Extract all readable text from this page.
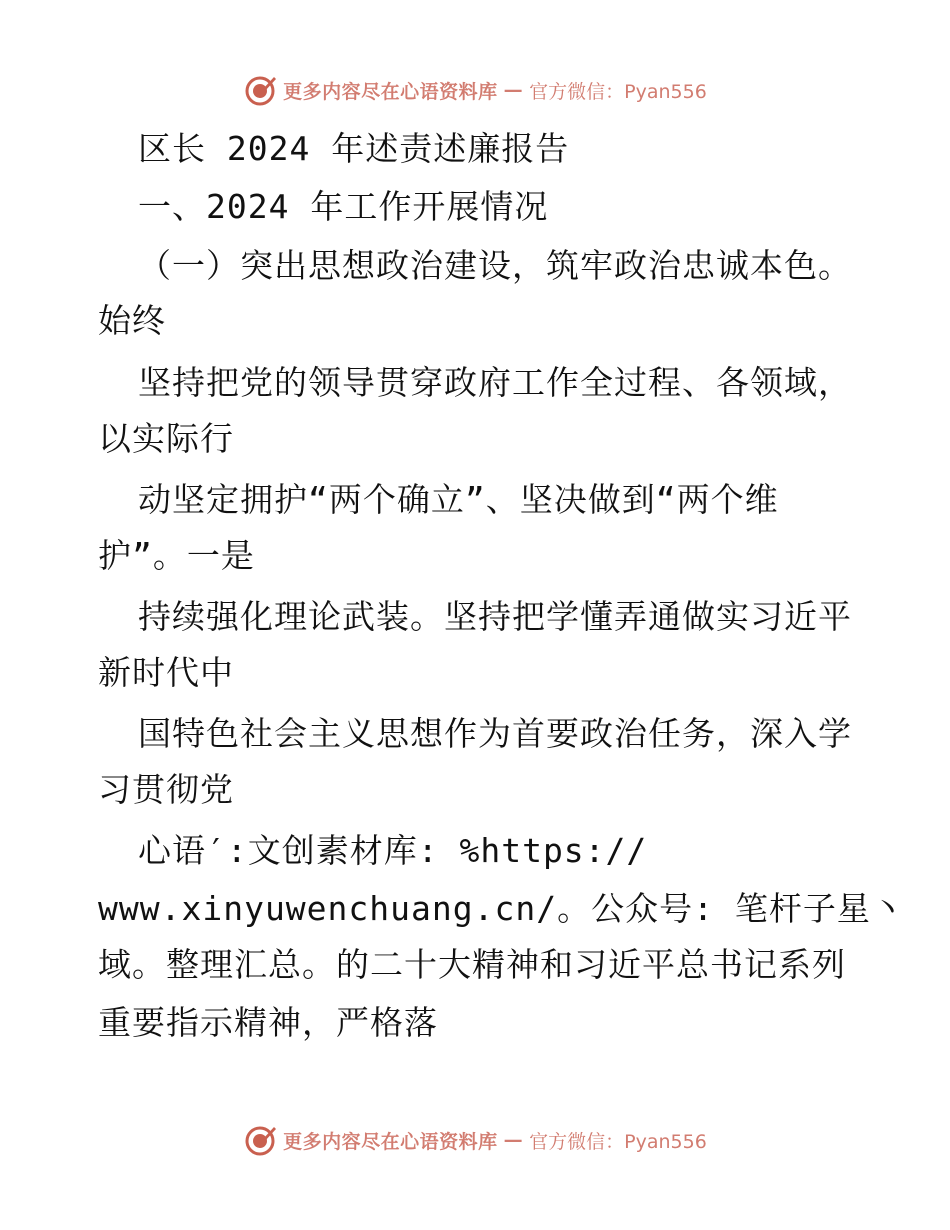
更多内容尽在心语资料库 — 官方微信：Pyan556
区长 2024 年述责述廉报告
一、2024 年工作开展情况
（一）突出思想政治建设，筑牢政治忠诚本色。
始终
坚持把党的领导贯穿政府工作全过程、各领域，
以实际行
动坚定拥护“两个确立”、坚决做到“两个维
护”。一是
持续强化理论武装。坚持把学懂弄通做实习近平
新时代中
国特色社会主义思想作为首要政治任务，深入学
习贯彻党
心语′:文创素材库: %https://
www.xinyuwenchuang.cn/。公众号: 笔杆子星丶
域。整理汇总。的二十大精神和习近平总书记系列
重要指示精神，严格落
更多内容尽在心语资料库 — 官方微信：Pyan556
